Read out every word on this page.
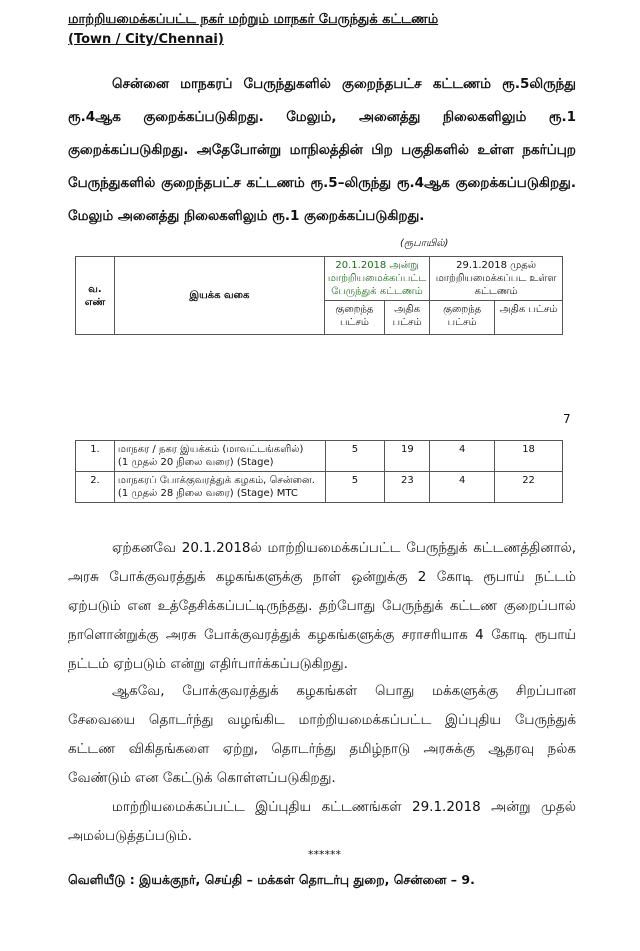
மாற்றியமைக்கப்பட்ட நகர் மற்றும் மாநகர் பேருந்துக் கட்டணம்
(Town / City/Chennai)
சென்னை மாநகரப் பேருந்துகளில் குறைந்தபட்ச கட்டணம் ரூ.5லிருந்து ரூ.4ஆக குறைக்கப்படுகிறது. மேலும், அனைத்து நிலைகளிலும் ரூ.1 குறைக்கப்படுகிறது. அதேபோன்று மாநிலத்தின் பிற பகுதிகளில் உள்ள நகர்ப்புற பேருந்துகளில் குறைந்தபட்ச கட்டணம் ரூ.5–லிருந்து ரூ.4ஆக குறைக்கப்படுகிறது. மேலும் அனைத்து நிலைகளிலும் ரூ.1 குறைக்கப்படுகிறது.
(ரூபாயில்)
வ. எண்	இயக்க வகை	20.1.2018 அன்று மாற்றியமைக்கப்பட்ட பேருந்துக் கட்டணம்		29.1.2018 முதல் மாற்றியமைக்கப்பட உள்ள கட்டணம்	
		குறைந்த பட்சம்	அதிக பட்சம்	குறைந்த பட்சம்	அதிக பட்சம்
7
1.	மாநகர / நகர இயக்கம் (மாவட்டங்களில்)
(1 முதல் 20 நிலை வரை) (Stage)	5	19	4	18
2.	மாநகரப் போக்குவரத்துக் கழகம், சென்னை.
(1 முதல் 28 நிலை வரை) (Stage) MTC	5	23	4	22
ஏற்கனவே 20.1.2018ல் மாற்றியமைக்கப்பட்ட பேருந்துக் கட்டணத்தினால், அரசு போக்குவரத்துக் கழகங்களுக்கு நாள் ஒன்றுக்கு 2 கோடி ரூபாய் நட்டம் ஏற்படும் என உத்தேசிக்கப்பட்டிருந்தது. தற்போது பேருந்துக் கட்டண குறைப்பால் நாளொன்றுக்கு அரசு போக்குவரத்துக் கழகங்களுக்கு சராசரியாக 4 கோடி ரூபாய் நட்டம் ஏற்படும் என்று எதிர்பார்க்கப்படுகிறது.
ஆகவே, போக்குவரத்துக் கழகங்கள் பொது மக்களுக்கு சிறப்பான சேவையை தொடர்ந்து வழங்கிட மாற்றியமைக்கப்பட்ட இப்புதிய பேருந்துக் கட்டண விகிதங்களை ஏற்று, தொடர்ந்து தமிழ்நாடு அரசுக்கு ஆதரவு நல்க வேண்டும் என கேட்டுக் கொள்ளப்படுகிறது.
மாற்றியமைக்கப்பட்ட இப்புதிய கட்டணங்கள் 29.1.2018 அன்று முதல் அமல்படுத்தப்படும்.
******
வெளியீடு : இயக்குநர், செய்தி – மக்கள் தொடர்பு துறை, சென்னை – 9.
